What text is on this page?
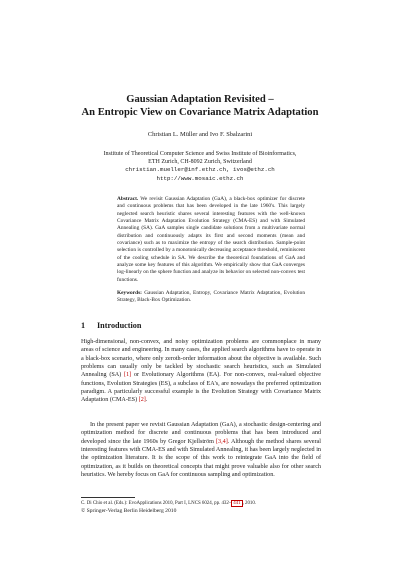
Gaussian Adaptation Revisited –
An Entropic View on Covariance Matrix Adaptation
Christian L. Müller and Ivo F. Sbalzarini
Institute of Theoretical Computer Science and Swiss Institute of Bioinformatics,
ETH Zurich, CH-8092 Zurich, Switzerland
christian.mueller@inf.ethz.ch, ivos@ethz.ch
http://www.mosaic.ethz.ch
Abstract. We revisit Gaussian Adaptation (GaA), a black-box optimizer for discrete and continuous problems that has been developed in the late 1960's. This largely neglected search heuristic shares several interesting features with the well-known Covariance Matrix Adaptation Evolution Strategy (CMA-ES) and with Simulated Annealing (SA). GaA samples single candidate solutions from a multivariate normal distribution and continuously adapts its first and second moments (mean and covariance) such as to maximize the entropy of the search distribution. Sample-point selection is controlled by a monotonically decreasing acceptance threshold, reminiscent of the cooling schedule in SA. We describe the theoretical foundations of GaA and analyze some key features of this algorithm. We empirically show that GaA converges log-linearly on the sphere function and analyze its behavior on selected non-convex test functions.
Keywords: Gaussian Adaptation, Entropy, Covariance Matrix Adaptation, Evolution Strategy, Black-Box Optimization.
1 Introduction
High-dimensional, non-convex, and noisy optimization problems are commonplace in many areas of science and engineering. In many cases, the applied search algorithms have to operate in a black-box scenario, where only zeroth-order information about the objective is available. Such problems can usually only be tackled by stochastic search heuristics, such as Simulated Annealing (SA) [1] or Evolutionary Algorithms (EA). For non-convex, real-valued objective functions, Evolution Strategies (ES), a subclass of EA's, are nowadays the preferred optimization paradigm. A particularly successful example is the Evolution Strategy with Covariance Matrix Adaptation (CMA-ES) [2].
In the present paper we revisit Gaussian Adaptation (GaA), a stochastic design-centering and optimization method for discrete and continuous problems that has been introduced and developed since the late 1960s by Gregor Kjellström [3,4]. Although the method shares several interesting features with CMA-ES and with Simulated Annealing, it has been largely neglected in the optimization literature. It is the scope of this work to reintegrate GaA into the field of optimization, as it builds on theoretical concepts that might prove valuable also for other search heuristics. We hereby focus on GaA for continuous sampling and optimization.
C. Di Chio et al. (Eds.): EvoApplications 2010, Part I, LNCS 6024, pp. 432– 441 , 2010.
© Springer-Verlag Berlin Heidelberg 2010
